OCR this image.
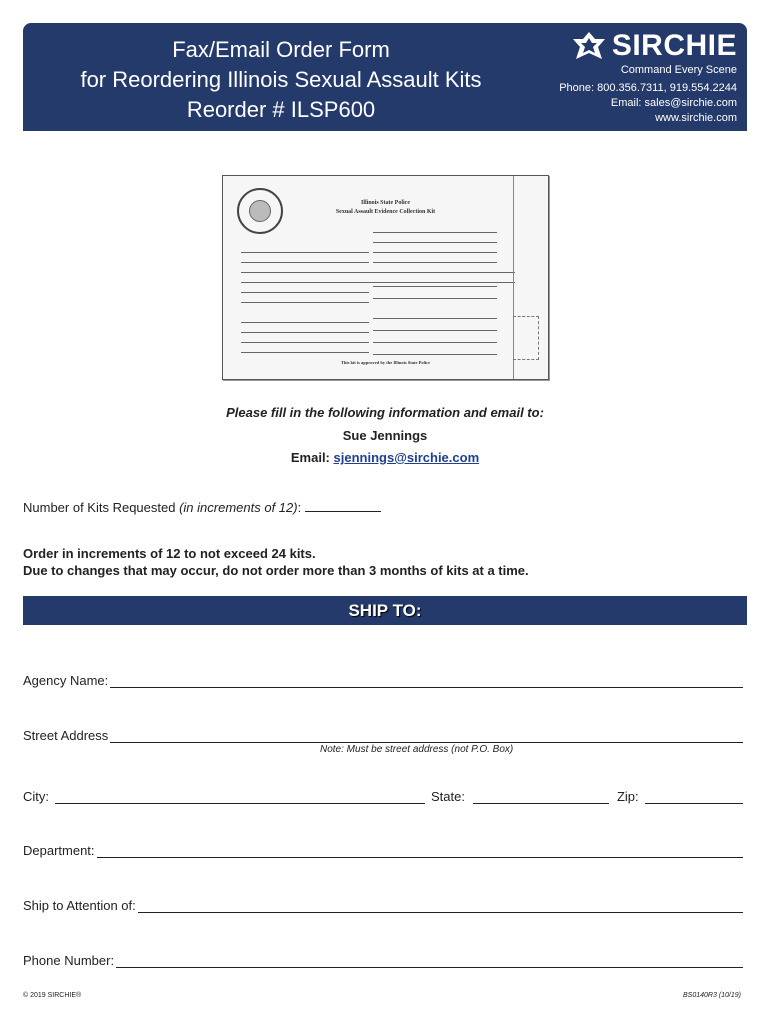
Fax/Email Order Form
for Reordering Illinois Sexual Assault Kits
Reorder # ILSP600
SIRCHIE
Command Every Scene
Phone: 800.356.7311, 919.554.2244
Email: sales@sirchie.com
www.sirchie.com
Illinois State Police
Sexual Assault Evidence Collection Kit
This kit is approved by the Illinois State Police
Please fill in the following information and email to:
Sue Jennings
Email: sjennings@sirchie.com
Number of Kits Requested (in increments of 12):
Order in increments of 12 to not exceed 24 kits.
Due to changes that may occur, do not order more than 3 months of kits at a time.
SHIP TO:
Agency Name:
Street Address
Note: Must be street address (not P.O. Box)
City:	State:	Zip:
Department:
Ship to Attention of:
Phone Number:
© 2019 SIRCHIE®	BS0140R3 (10/19)
